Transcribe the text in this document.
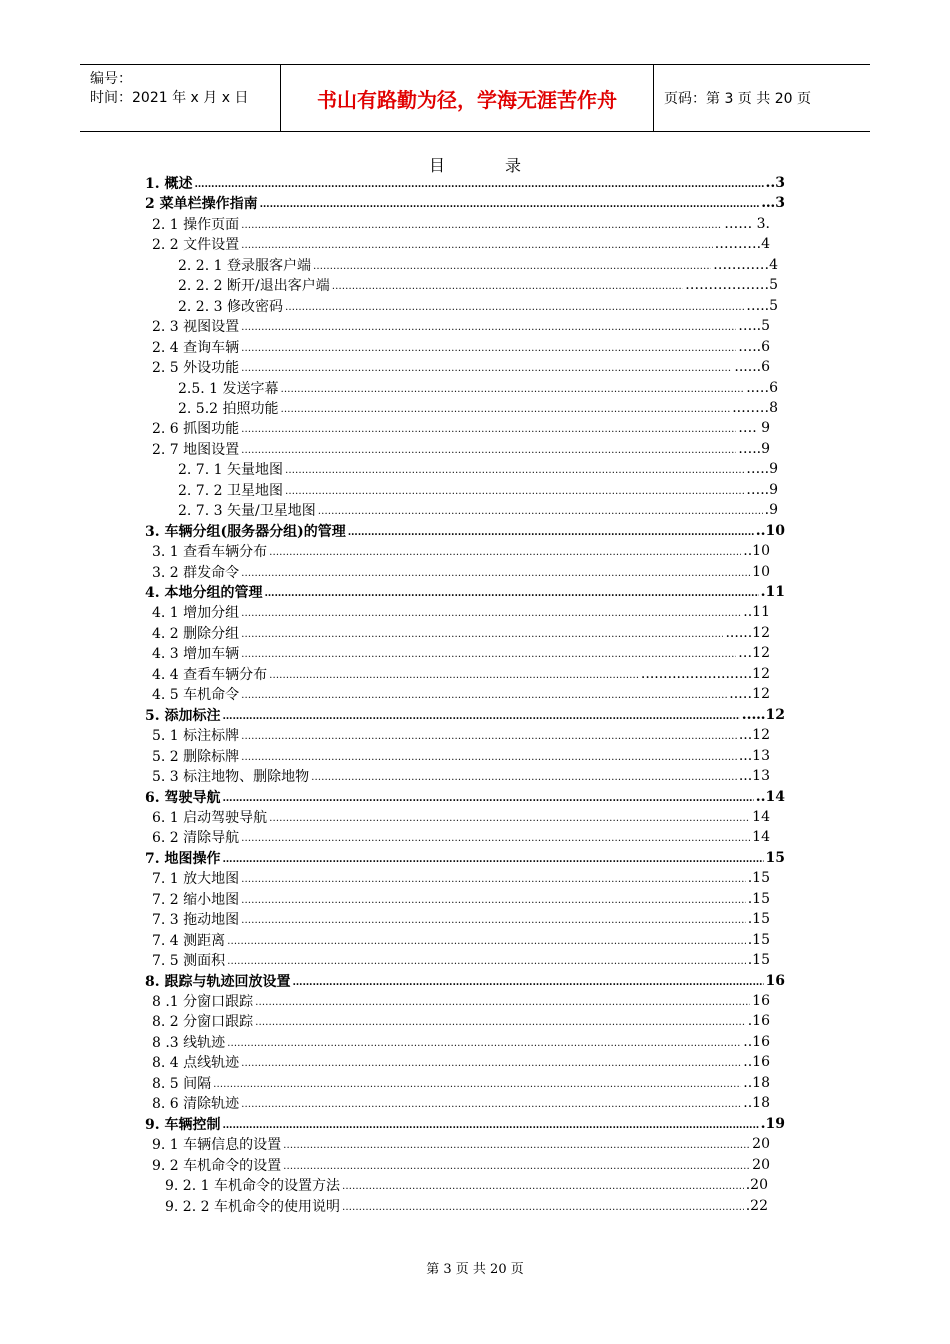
编号：
时间：2021 年 x 月 x 日	书山有路勤为径，学海无涯苦作舟	页码：第 3 页 共 20 页
目	录
1. 概述 …………………………………………………………………………………………………………………………………………………………………………………………………………………………………	..3
2 菜单栏操作指南 …………………………………………………………………………………………………………………………………………………………………………………………………………………………………	…3
2. 1 操作页面 …………………………………………………………………………………………………………………………………………………………………………………………………………………………………	…… 3.
2. 2 文件设置 …………………………………………………………………………………………………………………………………………………………………………………………………………………………………	……….4
2. 2. 1 登录服客户端 …………………………………………………………………………………………………………………………………………………………………………………………………………………………………	…………4
2. 2. 2 断开/退出客户端 …………………………………………………………………………………………………………………………………………………………………………………………………………………………………	………………5
2. 2. 3 修改密码 …………………………………………………………………………………………………………………………………………………………………………………………………………………………………	…..5
2. 3 视图设置 …………………………………………………………………………………………………………………………………………………………………………………………………………………………………	…..5
2. 4 查询车辆 …………………………………………………………………………………………………………………………………………………………………………………………………………………………………	…..6
2. 5 外设功能 …………………………………………………………………………………………………………………………………………………………………………………………………………………………………	......6
2.5. 1 发送字幕 …………………………………………………………………………………………………………………………………………………………………………………………………………………………………	..…6
2. 5.2 拍照功能 …………………………………………………………………………………………………………………………………………………………………………………………………………………………………	..……8
2. 6 抓图功能 …………………………………………………………………………………………………………………………………………………………………………………………………………………………………	…. 9
2. 7 地图设置 …………………………………………………………………………………………………………………………………………………………………………………………………………………………………	…..9
2. 7. 1 矢量地图 …………………………………………………………………………………………………………………………………………………………………………………………………………………………………	…..9
2. 7. 2 卫星地图 …………………………………………………………………………………………………………………………………………………………………………………………………………………………………	…..9
2. 7. 3 矢量/卫星地图 …………………………………………………………………………………………………………………………………………………………………………………………………………………………………	.9
3. 车辆分组(服务器分组)的管理 …………………………………………………………………………………………………………………………………………………………………………………………………………………………………	..10
3. 1 查看车辆分布 …………………………………………………………………………………………………………………………………………………………………………………………………………………………………	..10
3. 2 群发命令 …………………………………………………………………………………………………………………………………………………………………………………………………………………………………	10
4. 本地分组的管理 …………………………………………………………………………………………………………………………………………………………………………………………………………………………………	.11
4. 1 增加分组 …………………………………………………………………………………………………………………………………………………………………………………………………………………………………	..11
4. 2 删除分组 …………………………………………………………………………………………………………………………………………………………………………………………………………………………………	......12
4. 3 增加车辆 …………………………………………………………………………………………………………………………………………………………………………………………………………………………………	…12
4. 4 查看车辆分布 …………………………………………………………………………………………………………………………………………………………………………………………………………………………………	.........................12
4. 5 车机命令 …………………………………………………………………………………………………………………………………………………………………………………………………………………………………	..…12
5. 添加标注 …………………………………………………………………………………………………………………………………………………………………………………………………………………………………	..…12
5. 1 标注标牌 …………………………………………………………………………………………………………………………………………………………………………………………………………………………………	...12
5. 2 删除标牌 …………………………………………………………………………………………………………………………………………………………………………………………………………………………………	...13
5. 3 标注地物、删除地物 …………………………………………………………………………………………………………………………………………………………………………………………………………………………………	...13
6. 驾驶导航 …………………………………………………………………………………………………………………………………………………………………………………………………………………………………	..14
6. 1 启动驾驶导航 …………………………………………………………………………………………………………………………………………………………………………………………………………………………………	14
6. 2 清除导航 …………………………………………………………………………………………………………………………………………………………………………………………………………………………………	14
7. 地图操作 …………………………………………………………………………………………………………………………………………………………………………………………………………………………………	15
7. 1 放大地图 …………………………………………………………………………………………………………………………………………………………………………………………………………………………………	.15
7. 2 缩小地图 …………………………………………………………………………………………………………………………………………………………………………………………………………………………………	.15
7. 3 拖动地图 …………………………………………………………………………………………………………………………………………………………………………………………………………………………………	.15
7. 4 测距离 …………………………………………………………………………………………………………………………………………………………………………………………………………………………………	.15
7. 5 测面积 …………………………………………………………………………………………………………………………………………………………………………………………………………………………………	.15
8. 跟踪与轨迹回放设置 …………………………………………………………………………………………………………………………………………………………………………………………………………………………………	16
8 .1 分窗口跟踪 …………………………………………………………………………………………………………………………………………………………………………………………………………………………………	16
8. 2 分窗口跟踪 …………………………………………………………………………………………………………………………………………………………………………………………………………………………………	.16
8 .3 线轨迹 …………………………………………………………………………………………………………………………………………………………………………………………………………………………………	..16
8. 4 点线轨迹 …………………………………………………………………………………………………………………………………………………………………………………………………………………………………	..16
8. 5 间隔 …………………………………………………………………………………………………………………………………………………………………………………………………………………………………	..18
8. 6 清除轨迹 …………………………………………………………………………………………………………………………………………………………………………………………………………………………………	..18
9. 车辆控制 …………………………………………………………………………………………………………………………………………………………………………………………………………………………………	.19
9. 1 车辆信息的设置 …………………………………………………………………………………………………………………………………………………………………………………………………………………………………	20
9. 2 车机命令的设置 …………………………………………………………………………………………………………………………………………………………………………………………………………………………………	20
9. 2. 1 车机命令的设置方法 …………………………………………………………………………………………………………………………………………………………………………………………………………………………………	.20
9. 2. 2 车机命令的使用说明 …………………………………………………………………………………………………………………………………………………………………………………………………………………………………	.22
第 3 页 共 20 页
